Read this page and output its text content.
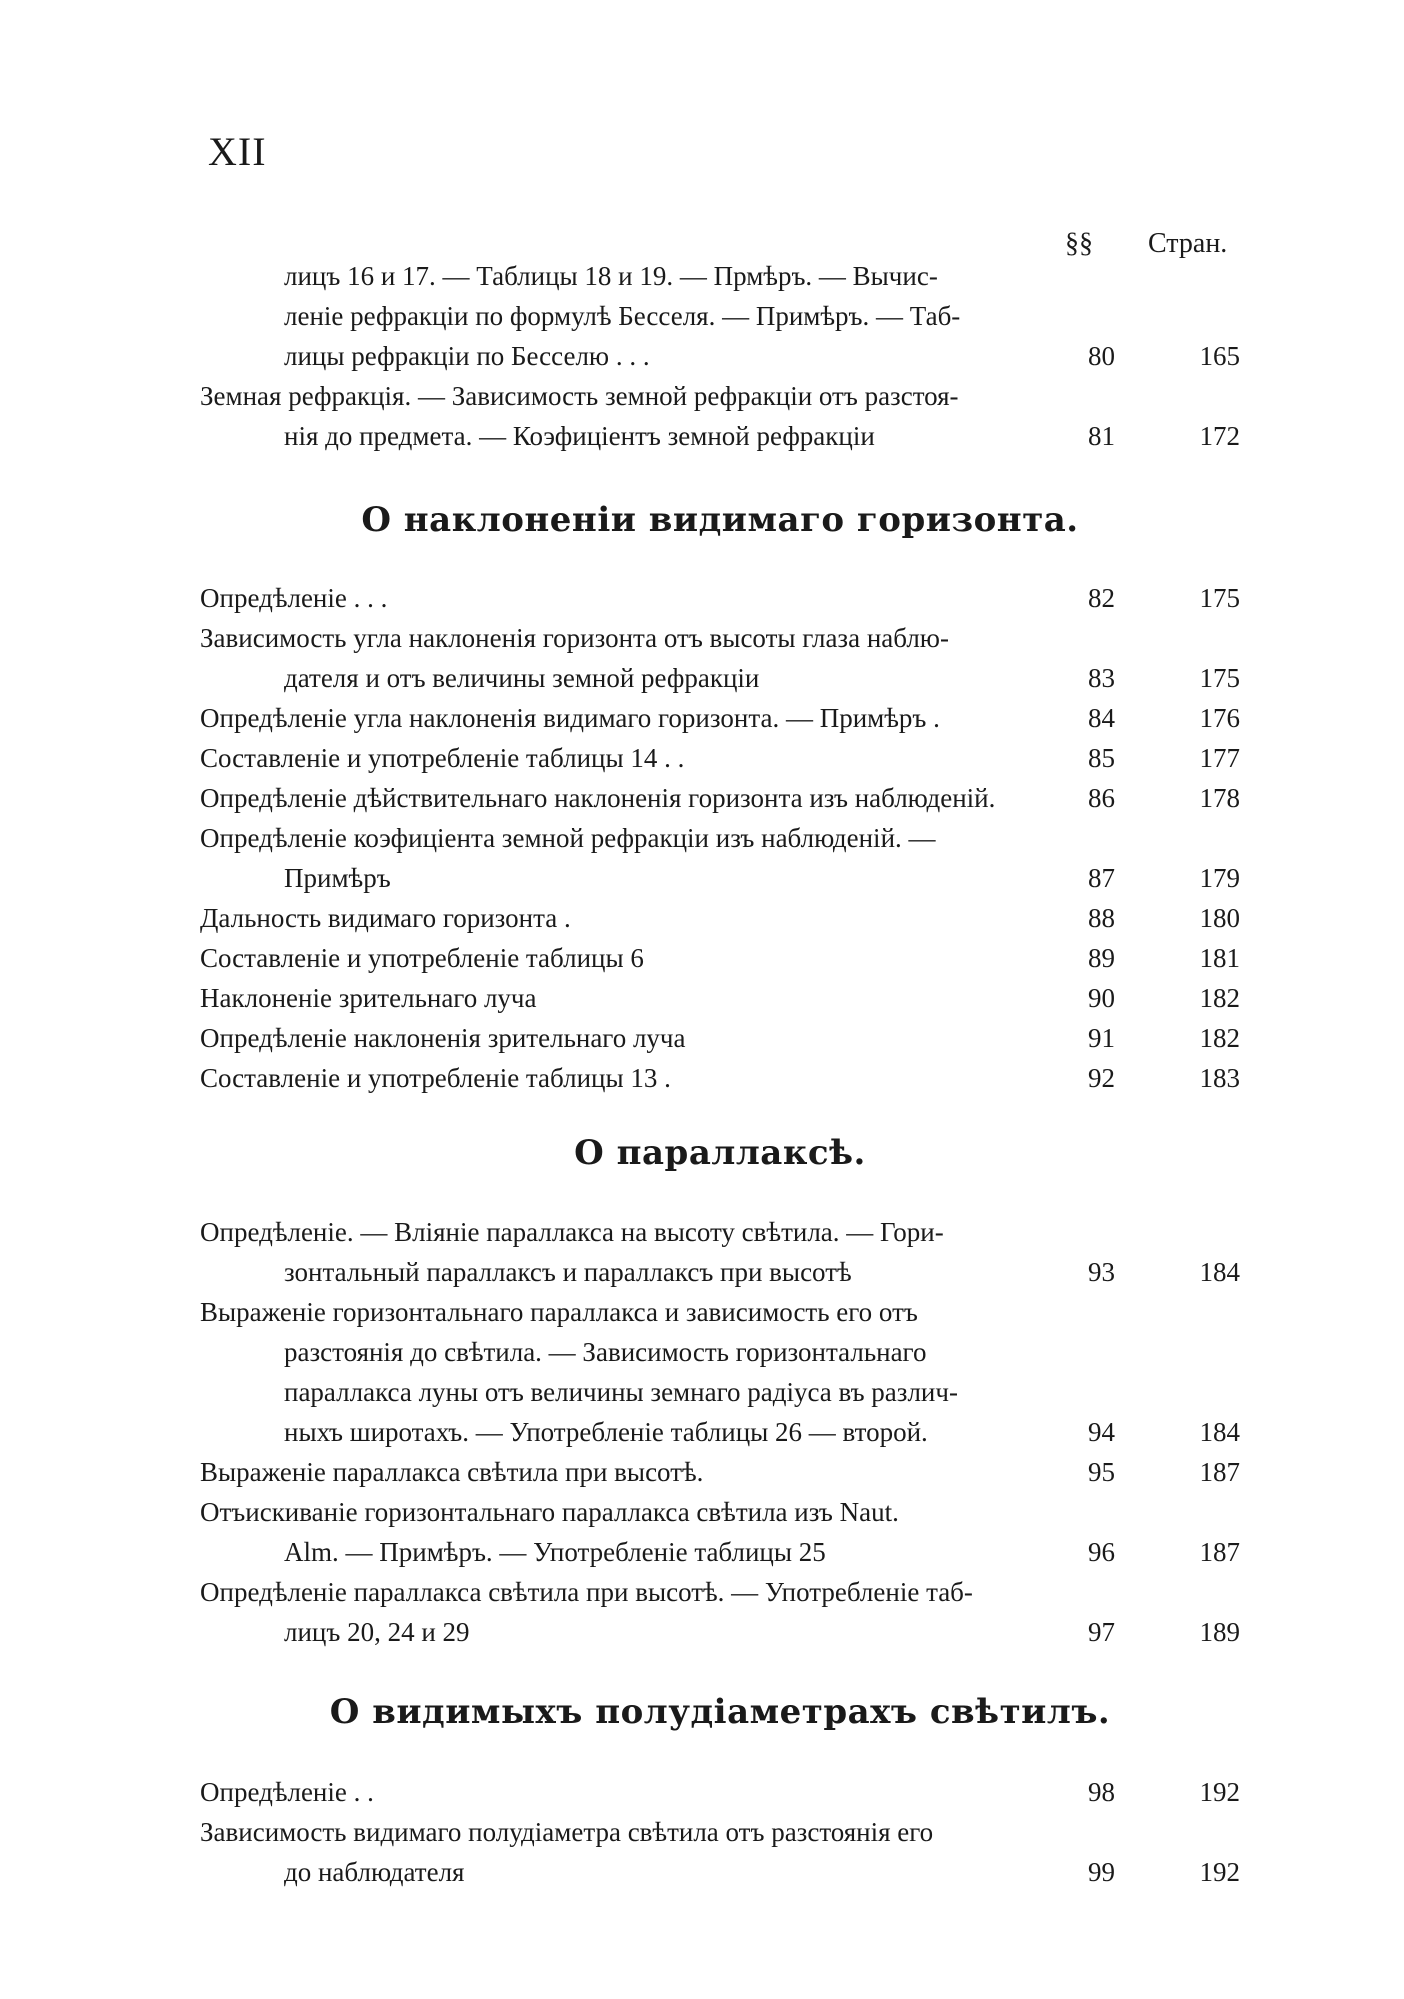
XII
§§ Стран.
лицъ 16 и 17. — Таблицы 18 и 19. — Прмѣръ. — Вычис-
леніе рефракціи по формулѣ Бесселя. — Примѣръ. — Таб-
лицы рефракціи по Бесселю . . .	80	165
Земная рефракція. — Зависимость земной рефракціи отъ разстоя-
нія до предмета. — Коэфиціентъ земной рефракціи	81	172
О наклоненіи видимаго горизонта.
Опредѣленіе . . .	82	175
Зависимость угла наклоненія горизонта отъ высоты глаза наблю-
дателя и отъ величины земной рефракціи	83	175
Опредѣленіе угла наклоненія видимаго горизонта. — Примѣръ .	84	176
Составленіе и употребленіе таблицы 14 . .	85	177
Опредѣленіе дѣйствительнаго наклоненія горизонта изъ наблюденій.	86	178
Опредѣленіе коэфиціента земной рефракціи изъ наблюденій. —
Примѣръ	87	179
Дальность видимаго горизонта .	88	180
Составленіе и употребленіе таблицы 6	89	181
Наклоненіе зрительнаго луча	90	182
Опредѣленіе наклоненія зрительнаго луча	91	182
Составленіе и употребленіе таблицы 13 .	92	183
О параллаксѣ.
Опредѣленіе. — Вліяніе параллакса на высоту свѣтила. — Гори-
зонтальный параллаксъ и параллаксъ при высотѣ	93	184
Выраженіе горизонтальнаго параллакса и зависимость его отъ
разстоянія до свѣтила. — Зависимость горизонтальнаго
параллакса луны отъ величины земнаго радіуса въ различ-
ныхъ широтахъ. — Употребленіе таблицы 26 — второй.	94	184
Выраженіе параллакса свѣтила при высотѣ.	95	187
Отъискиваніе горизонтальнаго параллакса свѣтила изъ Naut.
Alm. — Примѣръ. — Употребленіе таблицы 25	96	187
Опредѣленіе параллакса свѣтила при высотѣ. — Употребленіе таб-
лицъ 20, 24 и 29	97	189
О видимыхъ полудіаметрахъ свѣтилъ.
Опредѣленіе . .	98	192
Зависимость видимаго полудіаметра свѣтила отъ разстоянія его
до наблюдателя	99	192
